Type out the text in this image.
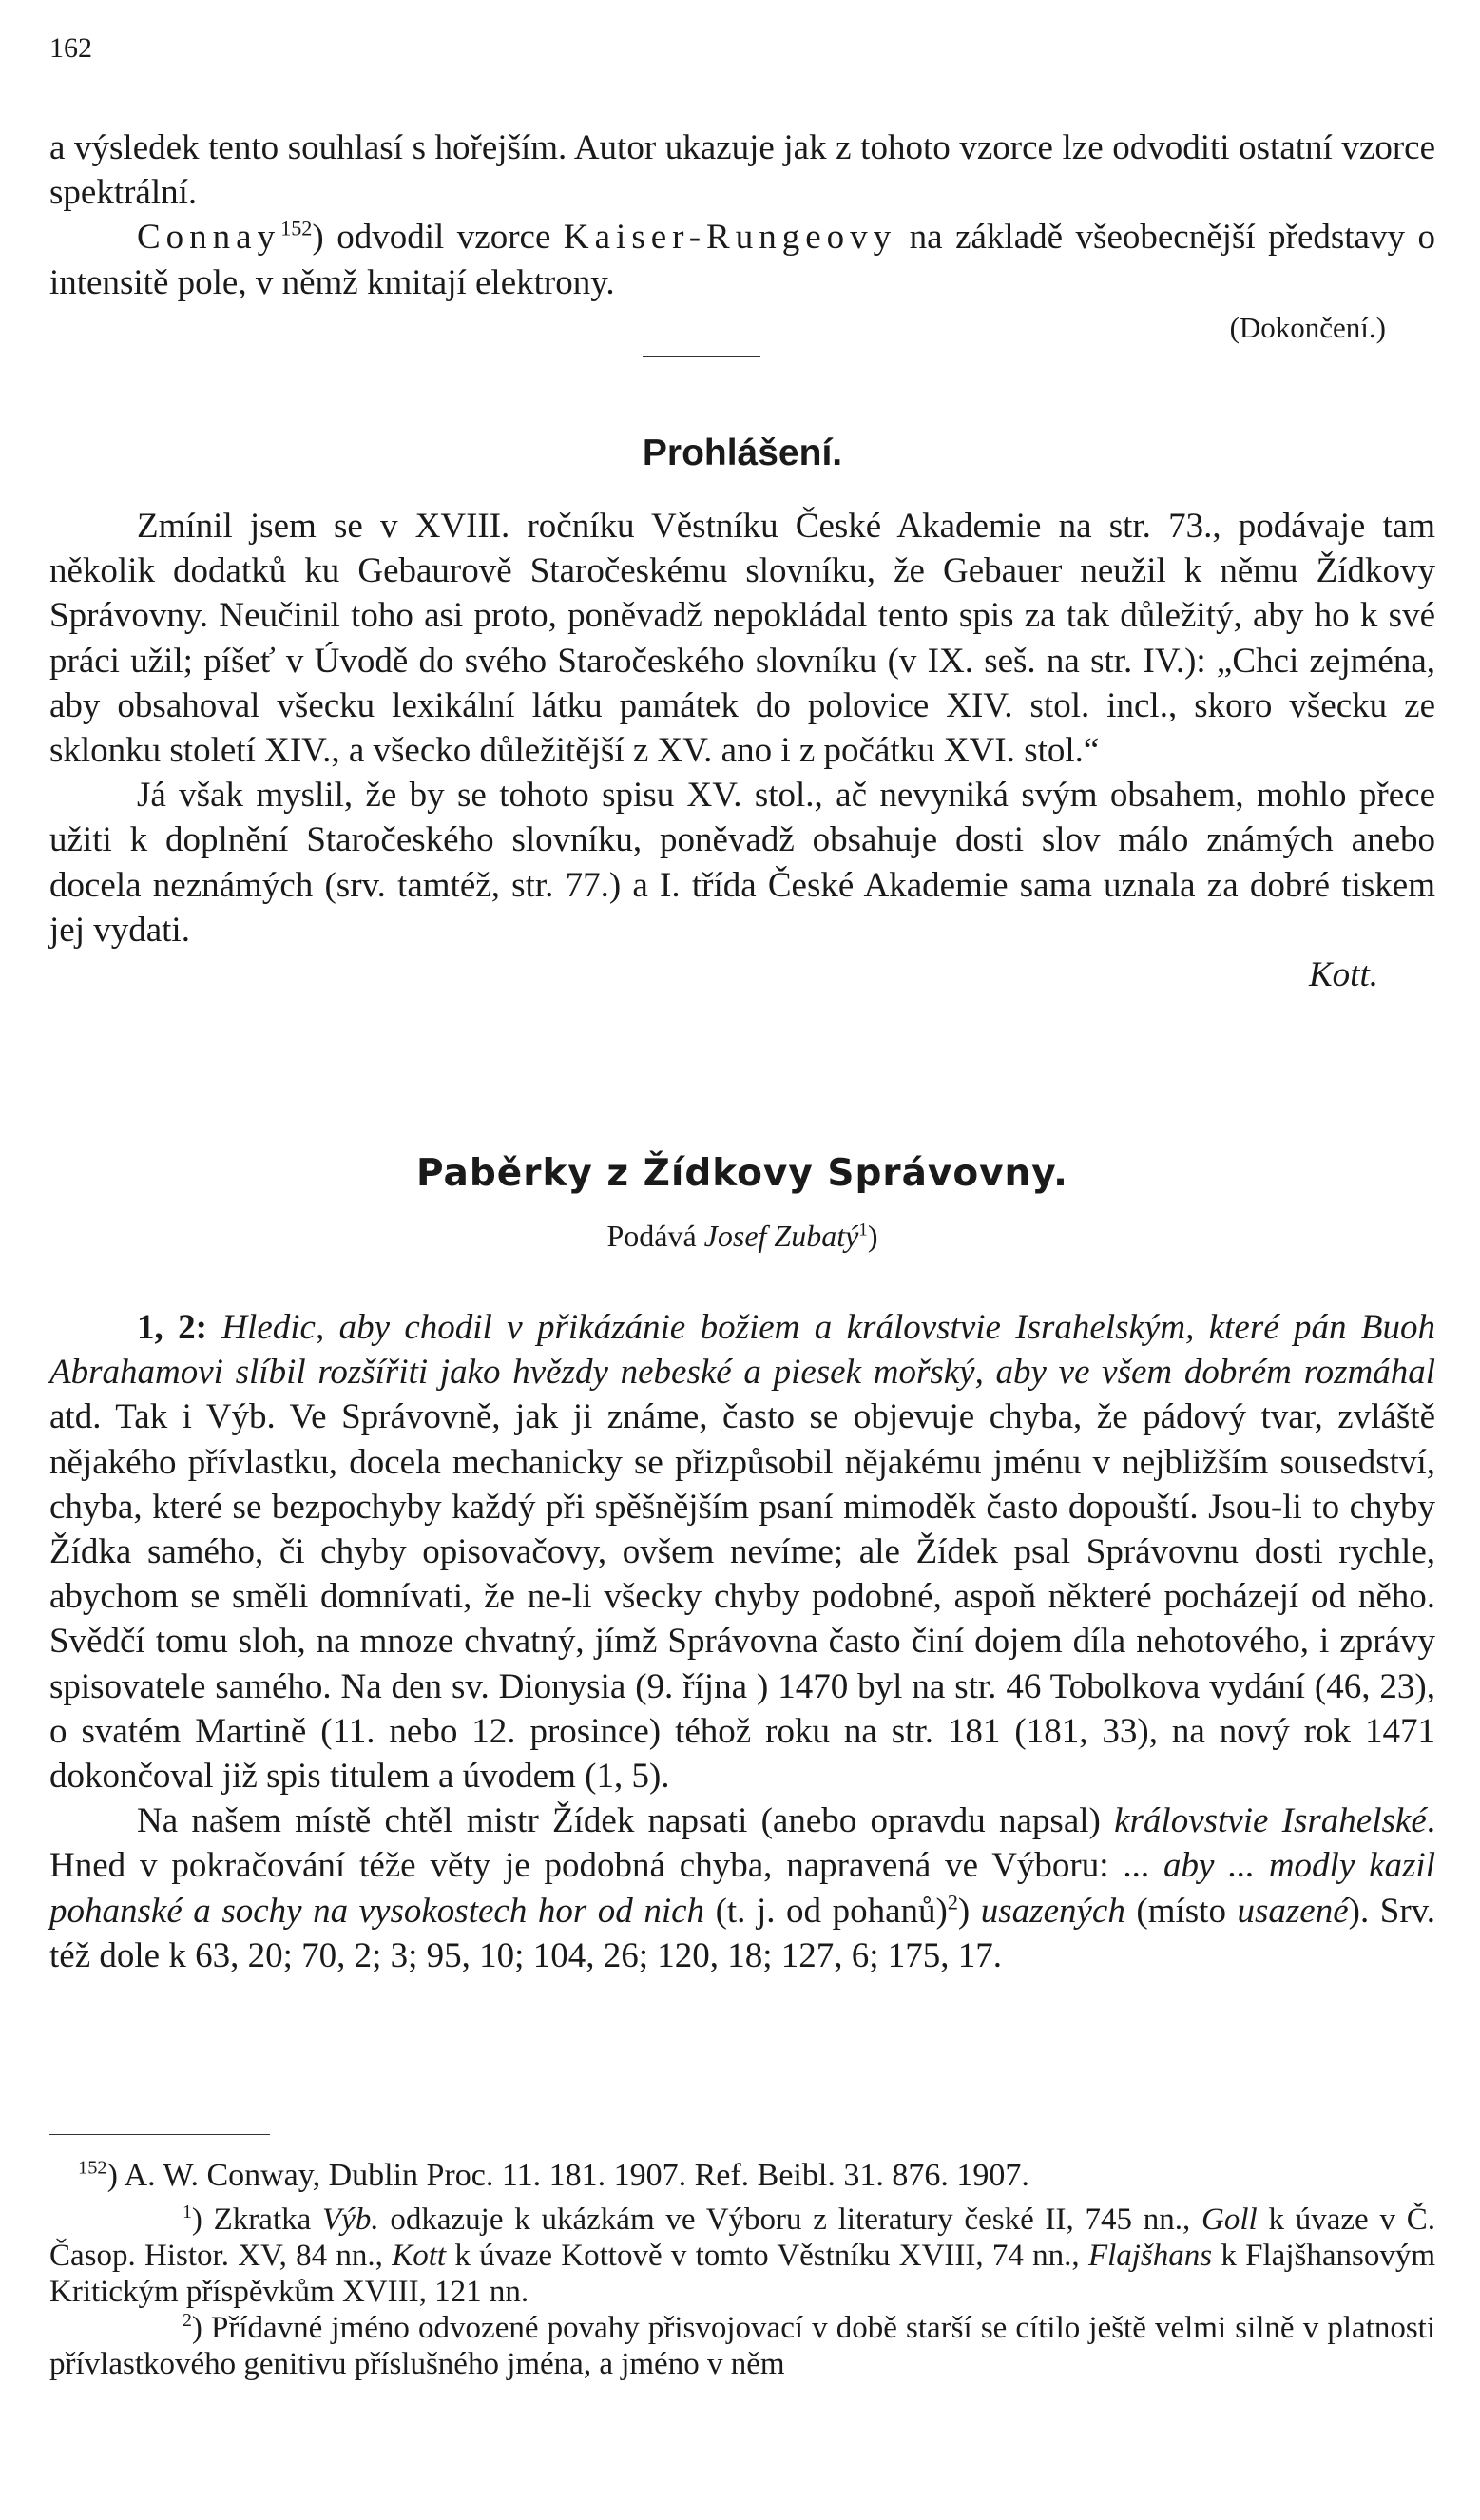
162

a výsledek tento souhlasí s hořejším. Autor ukazuje jak z tohoto vzorce lze odvoditi ostatní vzorce spektrální.

Connay$^{152}$) odvodil vzorce Kaiser-Rungeovy na základě všeobecnější představy o intensitě pole, v němž kmitají elektrony.

(Dokončení.)

Prohlášení.

Zmínil jsem se v XVIII. ročníku Věstníku České Akademie na str. 73., podávaje tam několik dodatků ku Gebaurově Staročeskému slovníku, že Gebauer neužil k němu Žídkovy Správovny. Neučinil toho asi proto, poněvadž nepokládal tento spis za tak důležitý, aby ho k své práci užil; píšeť v Úvodě do svého Staročeského slovníku (v IX. seš. na str. IV.): „Chci zejména, aby obsahoval všecku lexikální látku památek do polovice XIV. stol. incl., skoro všecku ze sklonku století XIV., a všecko důležitější z XV. ano i z počátku XVI. stol.“

Já však myslil, že by se tohoto spisu XV. stol., ač nevyniká svým obsahem, mohlo přece užiti k doplnění Staročeského slovníku, poněvadž obsahuje dosti slov málo známých anebo docela neznámých (srv. tamtéž, str. 77.) a I. třída České Akademie sama uznala za dobré tiskem jej vydati.

Kott.

Paběrky z Žídkovy Správovny.

Podává Josef Zubatý$^1$)

1, 2: Hledic, aby chodil v přikázánie božiem a královstvie Israhelským, které pán Buoh Abrahamovi slíbil rozšířiti jako hvězdy nebeské a piesek mořský, aby ve všem dobrém rozmáhal atd. Tak i Výb. Ve Správovně, jak ji známe, často se objevuje chyba, že pádový tvar, zvláště nějakého přívlastku, docela mechanicky se přizpůsobil nějakému jménu v nejbližším sousedství, chyba, které se bezpochyby každý při spěšnějším psaní mimoděk často dopouští. Jsou-li to chyby Žídka samého, či chyby opisovačovy, ovšem nevíme; ale Žídek psal Správovnu dosti rychle, abychom se směli domnívati, že ne-li všecky chyby podobné, aspoň některé pocházejí od něho. Svědčí tomu sloh, na mnoze chvatný, jímž Správovna často činí dojem díla nehotového, i zprávy spisovatele samého. Na den sv. Dionysia (9. října ) 1470 byl na str. 46 Tobolkova vydání (46, 23), o svatém Martině (11. nebo 12. prosince) téhož roku na str. 181 (181, 33), na nový rok 1471 dokončoval již spis titulem a úvodem (1, 5).

Na našem místě chtěl mistr Žídek napsati (anebo opravdu napsal) královstvie Israhelské. Hned v pokračování téže věty je podobná chyba, napravená ve Výboru: ... aby ... modly kazil pohanské a sochy na vysokostech hor od nich (t. j. od pohanů)$^2$) usazených (místo usazené). Srv. též dole k 63, 20; 70, 2; 3; 95, 10; 104, 26; 120, 18; 127, 6; 175, 17.

$^{152}$) A. W. Conway, Dublin Proc. 11. 181. 1907. Ref. Beibl. 31. 876. 1907.

$^1$) Zkratka Výb. odkazuje k ukázkám ve Výboru z literatury české II, 745 nn., Goll k úvaze v Č. Časop. Histor. XV, 84 nn., Kott k úvaze Kottově v tomto Věstníku XVIII, 74 nn., Flajšhans k Flajšhansovým Kritickým příspěvkům XVIII, 121 nn.

$^2$) Přídavné jméno odvozené povahy přisvojovací v době starší se cítilo ještě velmi silně v platnosti přívlastkového genitivu příslušného jména, a jméno v něm
